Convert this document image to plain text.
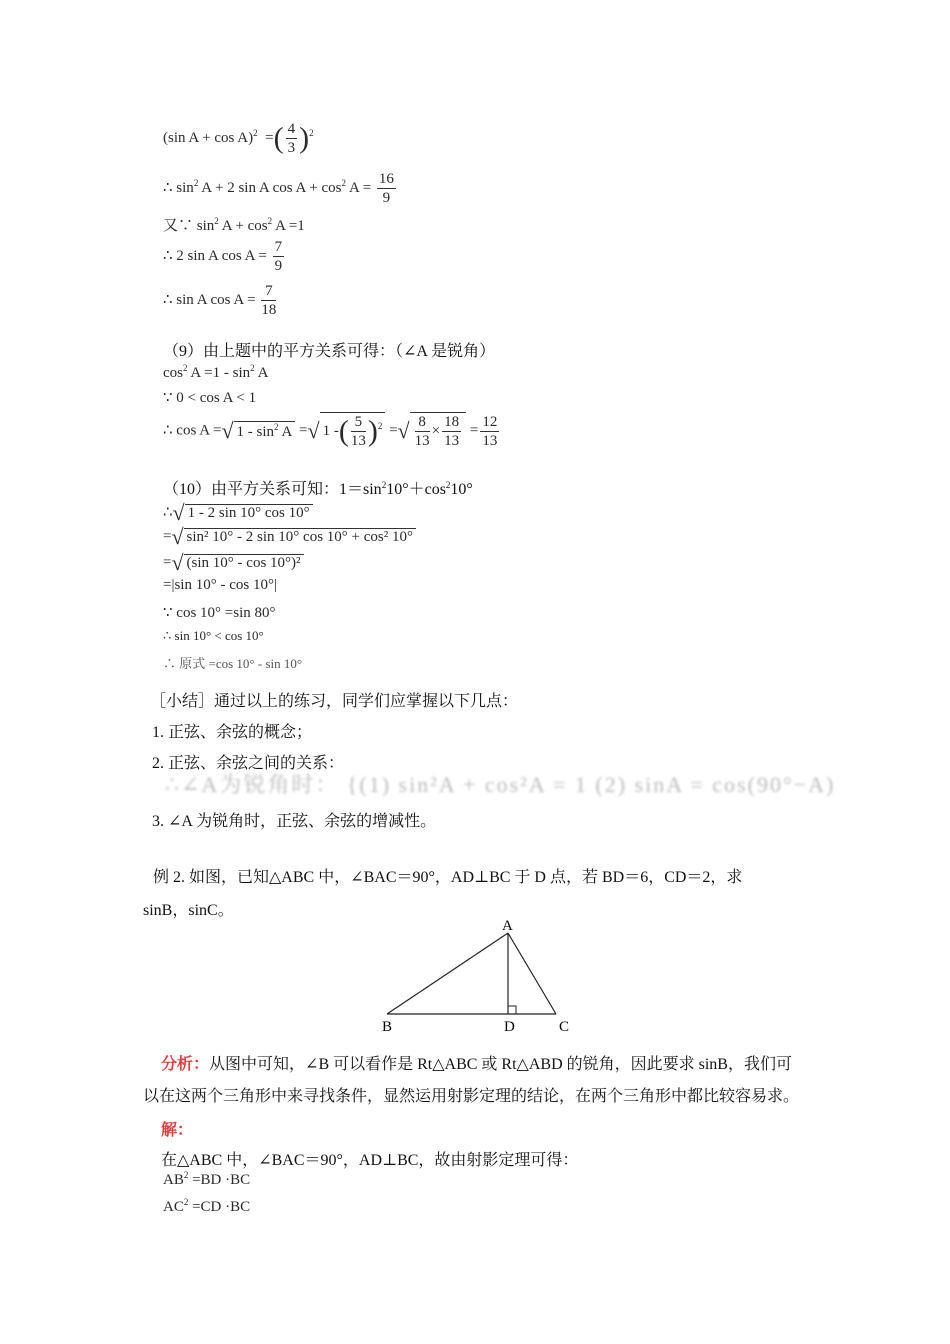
(sin A + cos A)$^2$  =( $\frac{4}{3} )^2$
∴ $\sin^2 A + 2$ sin A $\cos A + \cos^2 A = \frac{16}{9}$
又∵ $\sin^2 A + \cos^2 A =1$
∴ 2 sin A $\cos A = \frac{7}{9}$
∴ sin A $\cos A = \frac{7}{18}$
（9）由上题中的平方关系可得：（∠A 是锐角）
$\cos^2 A =1 - \sin^2 A$
∵ 0 < cos A < 1
∴ cos A =√ $1 - \sin^2 A$ =√ 1 -( $\frac{5}{13} )^2$ =√ $\frac{8}{13} \times \frac{18}{13} = \frac{12}{13}$
（10）由平方关系可知：$1=\sin^210^\circ+\cos^210^\circ$
∴√ 1 - 2 sin 10° cos 10°
=√ sin² 10° - 2 sin 10° cos 10° + cos² 10°
=√ (sin 10° - cos 10°)²
=|sin 10° - cos 10°|
∵ cos 10° =sin 80°
∴ sin 10° < cos 10°
∴ 原式 =cos 10° - sin 10°
［小结］通过以上的练习，同学们应掌握以下几点：
1. 正弦、余弦的概念；
2. 正弦、余弦之间的关系：
∴∠A为锐角时： {(1) sin²A + cos²A = 1 (2) sinA = cos(90°−A)
3. ∠A 为锐角时，正弦、余弦的增减性。
例 2. 如图，已知△ABC 中，∠BAC＝90°，AD⊥BC 于 D 点，若 BD＝6，CD＝2，求
sinB，sinC。
A
B	D	C
分析：从图中可知，∠B 可以看作是 Rt△ABC 或 Rt△ABD 的锐角，因此要求 sinB，我们可
以在这两个三角形中来寻找条件，显然运用射影定理的结论，在两个三角形中都比较容易求。
解：
在△ABC 中，∠BAC＝90°，AD⊥BC，故由射影定理可得：
$AB^2 =BD \cdot BC$
$AC^2 =CD \cdot BC$
